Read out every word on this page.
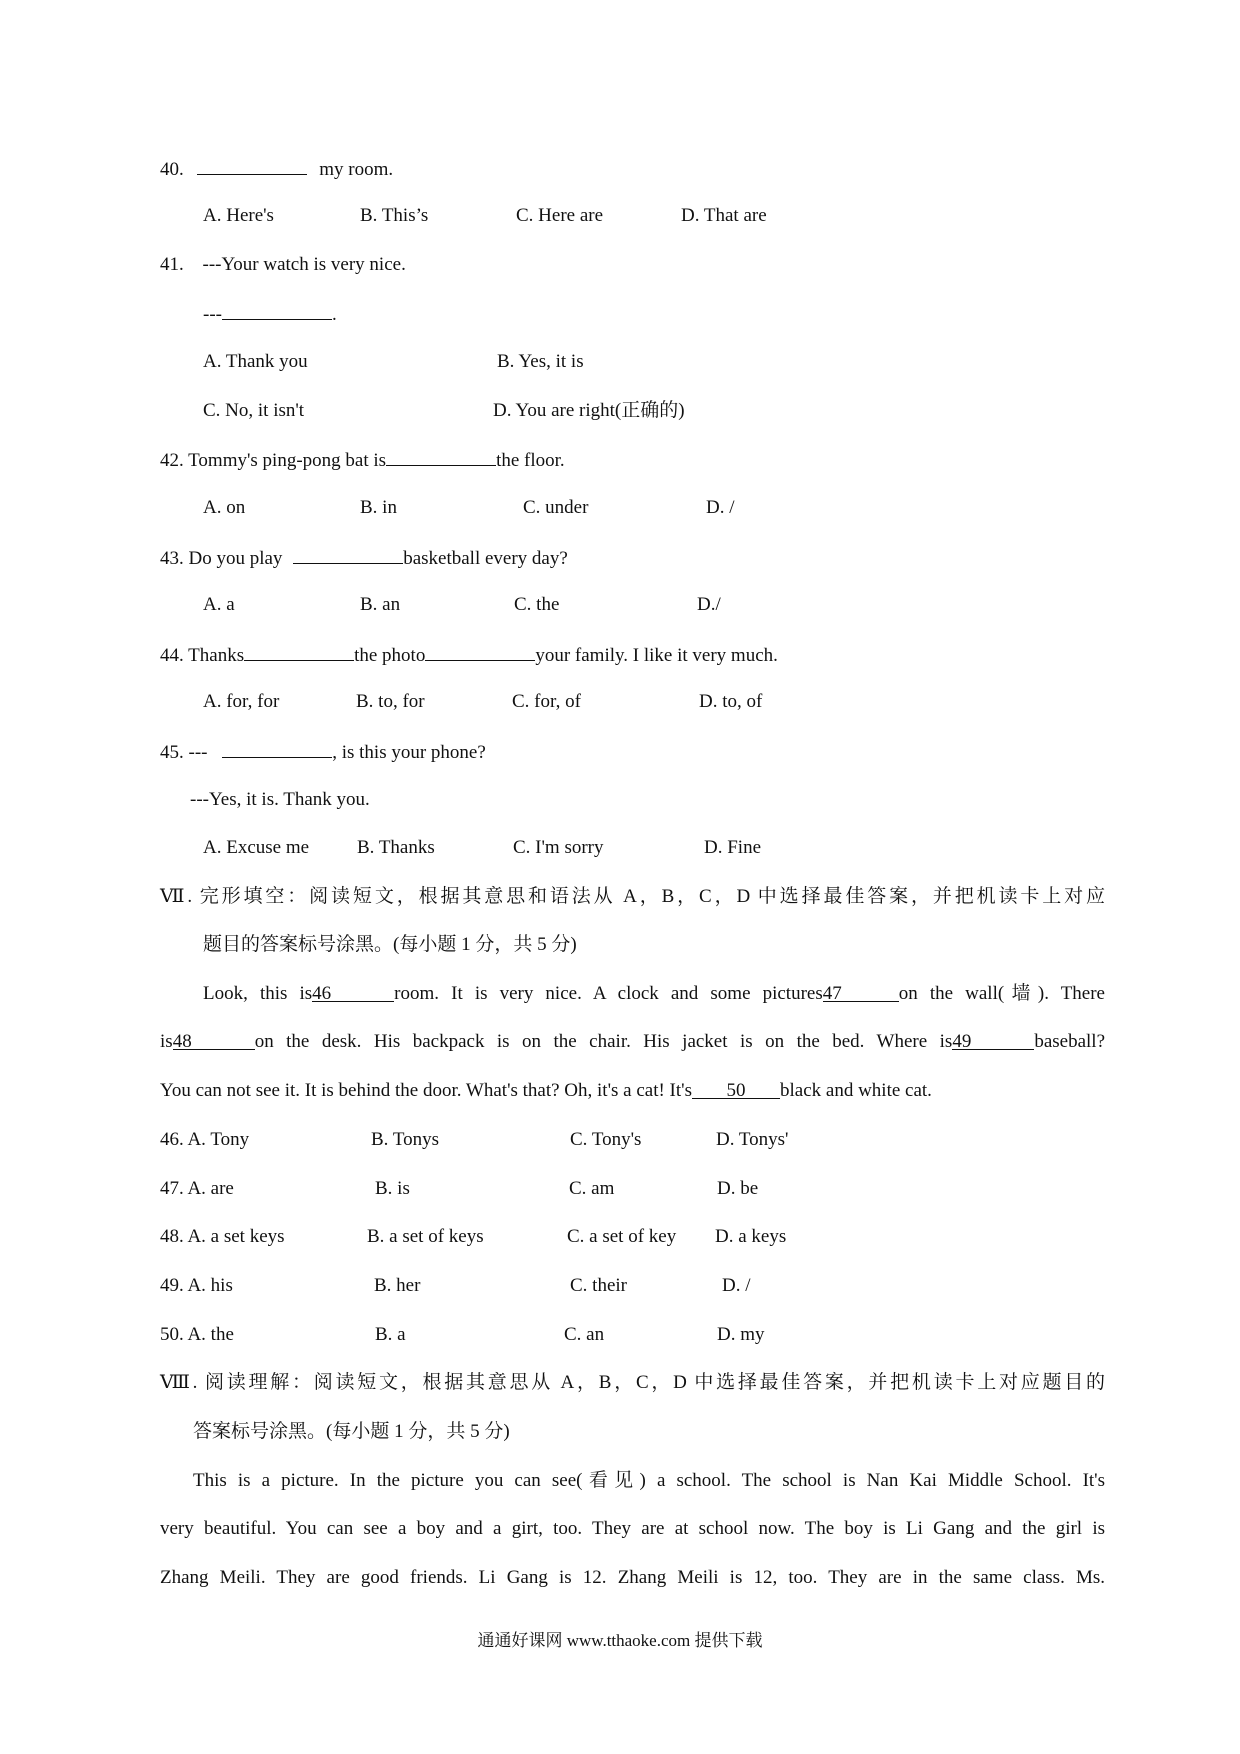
40.	my room.
A. Here's	B. This’s	C. Here are	D. That are
41. ---Your watch is very nice.
---	.
A. Thank you	B. Yes, it is
C. No, it isn't	D. You are right(正确的)
42. Tommy's ping-pong bat is	the floor.
A. on	B. in	C. under	D. /
43. Do you play	basketball every day?
A. a	B. an	C. the	D./
44. Thanks	the photo	your family. I like it very much.
A. for, for	B. to, for	C. for, of	D. to, of
45. ---	, is this your phone?
---Yes, it is. Thank you.
A. Excuse me	B. Thanks	C. I'm sorry	D. Fine
Ⅶ. 完形填空：阅读短文，根据其意思和语法从 A，B，C，D 中选择最佳答案，并把机读卡上对应
题目的答案标号涂黑。(每小题 1 分，共 5 分)
Look, this is46	room. It is very nice. A clock and some pictures47	on the wall(墙). There
is48	on the desk. His backpack is on the chair. His jacket is on the bed. Where is49	baseball?
You can not see it. It is behind the door. What's that? Oh, it's a cat! It's 50 black and white cat.
46. A. Tony	B. Tonys	C. Tony's	D. Tonys'
47. A. are	B. is	C. am	D. be
48. A. a set keys	B. a set of keys	C. a set of key D. a keys
49. A. his	B. her	C. their	D. /
50. A. the	B. a	C. an	D. my
Ⅷ. 阅读理解：阅读短文，根据其意思从 A，B，C，D 中选择最佳答案，并把机读卡上对应题目的
答案标号涂黑。(每小题 1 分，共 5 分)
This is a picture. In the picture you can see(看见) a school. The school is Nan Kai Middle School. It's
very beautiful. You can see a boy and a girt, too. They are at school now. The boy is Li Gang and the girl is
Zhang Meili. They are good friends. Li Gang is 12. Zhang Meili is 12, too. They are in the same class. Ms.
通通好课网 www.tthaoke.com 提供下载
